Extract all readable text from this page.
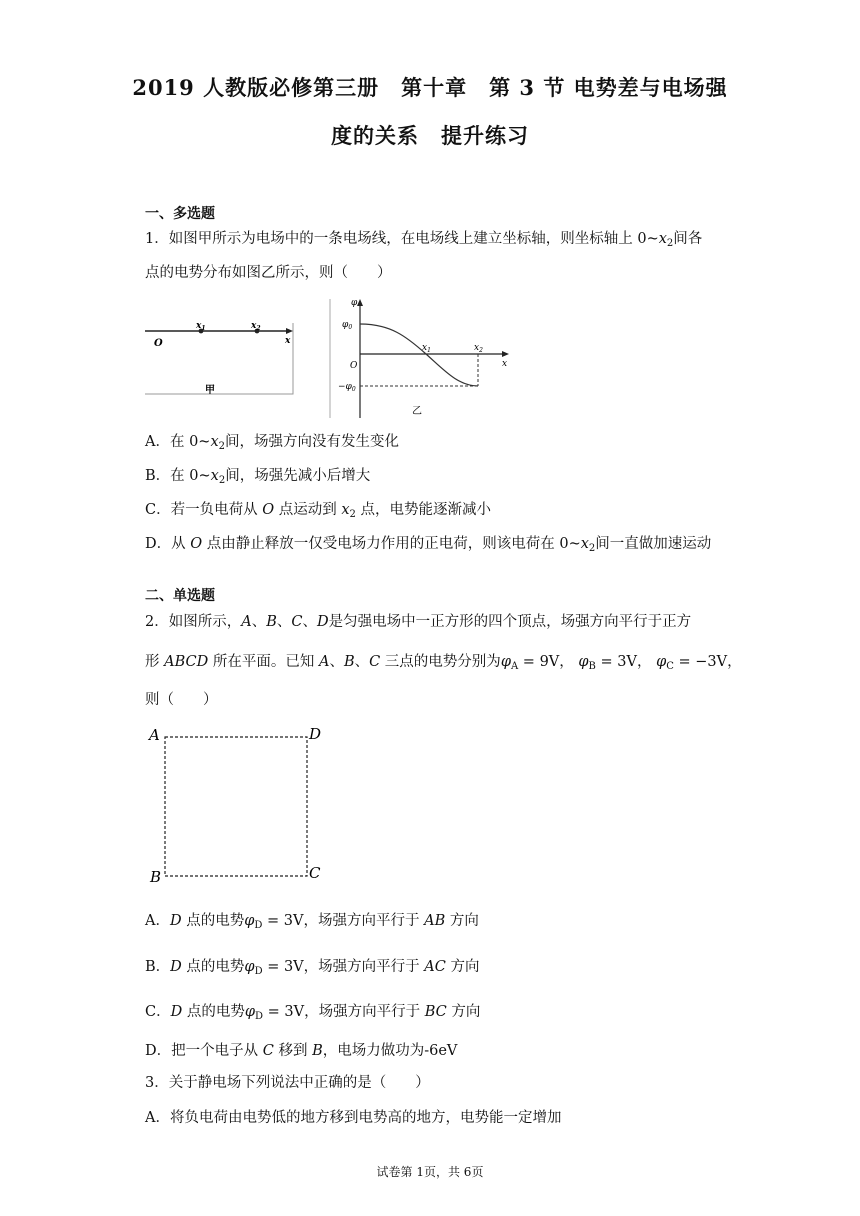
2019 人教版必修第三册　第十章　第 3 节 电势差与电场强
度的关系　提升练习
一、多选题
1．如图甲所示为电场中的一条电场线，在电场线上建立坐标轴，则坐标轴上 $0\sim x_2$间各
点的电势分布如图乙所示，则（　　）
O
$x_1$	$x_2$
x
甲
φ
$\varphi_0$
O
$-\varphi_0$
$x_1$	$x_2$
x
乙
A．在 $0\sim x_2$间，场强方向没有发生变化
B．在 $0\sim x_2$间，场强先减小后增大
C．若一负电荷从 O 点运动到 $x_2$ 点，电势能逐渐减小
D．从 O 点由静止释放一仅受电场力作用的正电荷，则该电荷在 $0\sim x_2$间一直做加速运动
二、单选题
2．如图所示，A、B、C、D是匀强电场中一正方形的四个顶点，场强方向平行于正方
形 ABCD 所在平面。已知 A、B、C 三点的电势分别为$\varphi_A = 9V$， $\varphi_B = 3V$， $\varphi_C = -3V$，
则（　　）
A	D
B	C
A．D 点的电势$\varphi_D = 3V$，场强方向平行于 AB 方向
B．D 点的电势$\varphi_D = 3V$，场强方向平行于 AC 方向
C．D 点的电势$\varphi_D = 3V$，场强方向平行于 BC 方向
D．把一个电子从 C 移到 B，电场力做功为-6eV
3．关于静电场下列说法中正确的是（　　）
A．将负电荷由电势低的地方移到电势高的地方，电势能一定增加
试卷第 1页，共 6页
